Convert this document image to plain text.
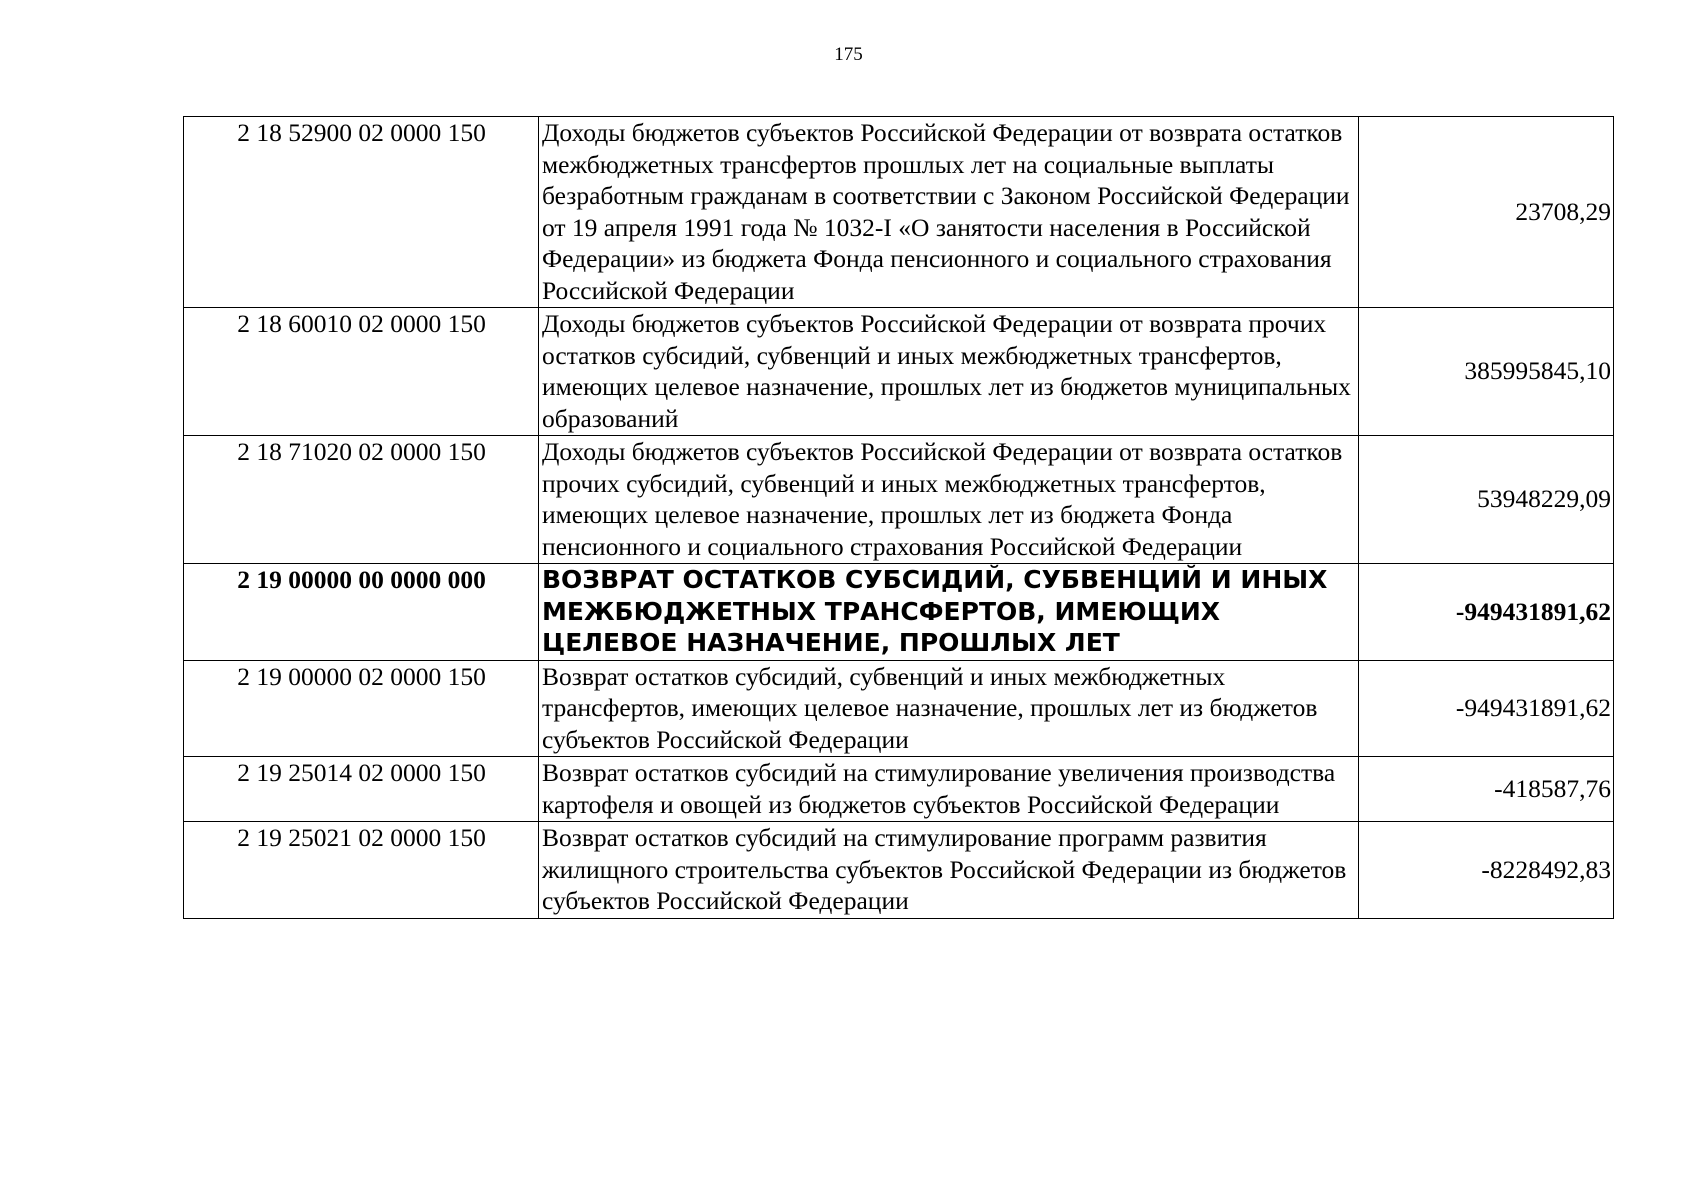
175
2 18 52900 02 0000 150	Доходы бюджетов субъектов Российской Федерации от возврата остатков межбюджетных трансфертов прошлых лет на социальные выплаты безработным гражданам в соответствии с Законом Российской Федерации от 19 апреля 1991 года № 1032-I «О занятости населения в Российской Федерации» из бюджета Фонда пенсионного и социального страхования Российской Федерации	23708,29
2 18 60010 02 0000 150	Доходы бюджетов субъектов Российской Федерации от возврата прочих остатков субсидий, субвенций и иных межбюджетных трансфертов, имеющих целевое назначение, прошлых лет из бюджетов муниципальных образований	385995845,10
2 18 71020 02 0000 150	Доходы бюджетов субъектов Российской Федерации от возврата остатков прочих субсидий, субвенций и иных межбюджетных трансфертов, имеющих целевое назначение, прошлых лет из бюджета Фонда пенсионного и социального страхования Российской Федерации	53948229,09
2 19 00000 00 0000 000	ВОЗВРАТ ОСТАТКОВ СУБСИДИЙ, СУБВЕНЦИЙ И ИНЫХ МЕЖБЮДЖЕТНЫХ ТРАНСФЕРТОВ, ИМЕЮЩИХ ЦЕЛЕВОЕ НАЗНАЧЕНИЕ, ПРОШЛЫХ ЛЕТ	-949431891,62
2 19 00000 02 0000 150	Возврат остатков субсидий, субвенций и иных межбюджетных трансфертов, имеющих целевое назначение, прошлых лет из бюджетов субъектов Российской Федерации	-949431891,62
2 19 25014 02 0000 150	Возврат остатков субсидий на стимулирование увеличения производства картофеля и овощей из бюджетов субъектов Российской Федерации	-418587,76
2 19 25021 02 0000 150	Возврат остатков субсидий на стимулирование программ развития жилищного строительства субъектов Российской Федерации из бюджетов субъектов Российской Федерации	-8228492,83
